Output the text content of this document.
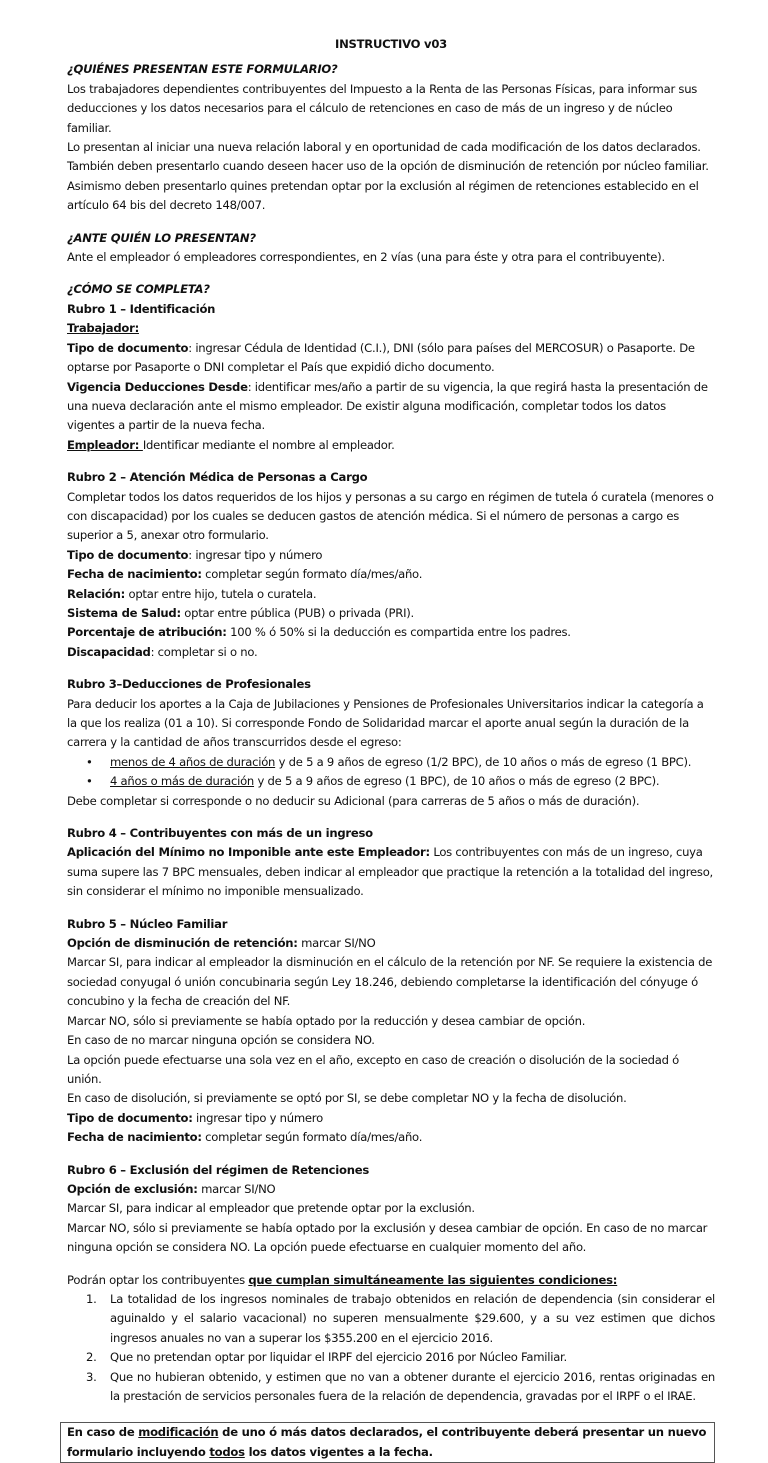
INSTRUCTIVO v03
¿QUIÉNES PRESENTAN ESTE FORMULARIO?
Los trabajadores dependientes contribuyentes del Impuesto a la Renta de las Personas Físicas, para informar sus deducciones y los datos necesarios para el cálculo de retenciones en caso de más de un ingreso y de núcleo familiar.
Lo presentan al iniciar una nueva relación laboral y en oportunidad de cada modificación de los datos declarados.
También deben presentarlo cuando deseen hacer uso de la opción de disminución de retención por núcleo familiar.
Asimismo deben presentarlo quines pretendan optar por la exclusión al régimen de retenciones establecido en el artículo 64 bis del decreto 148/007.
¿ANTE QUIÉN LO PRESENTAN?
Ante el empleador ó empleadores correspondientes, en 2 vías (una para éste y otra para el contribuyente).
¿CÓMO SE COMPLETA?
Rubro 1 – Identificación
Trabajador:
Tipo de documento: ingresar Cédula de Identidad (C.I.), DNI (sólo para países del MERCOSUR) o Pasaporte. De optarse por Pasaporte o DNI completar el País que expidió dicho documento.
Vigencia Deducciones Desde: identificar mes/año a partir de su vigencia, la que regirá hasta la presentación de una nueva declaración ante el mismo empleador. De existir alguna modificación, completar todos los datos vigentes a partir de la nueva fecha.
Empleador: Identificar mediante el nombre al empleador.
Rubro 2 – Atención Médica de Personas a Cargo
Completar todos los datos requeridos de los hijos y personas a su cargo en régimen de tutela ó curatela (menores o con discapacidad) por los cuales se deducen gastos de atención médica. Si el número de personas a cargo es superior a 5, anexar otro formulario.
Tipo de documento: ingresar tipo y número
Fecha de nacimiento: completar según formato día/mes/año.
Relación: optar entre hijo, tutela o curatela.
Sistema de Salud: optar entre pública (PUB) o privada (PRI).
Porcentaje de atribución: 100 % ó 50% si la deducción es compartida entre los padres.
Discapacidad: completar si o no.
Rubro 3–Deducciones de Profesionales
Para deducir los aportes a la Caja de Jubilaciones y Pensiones de Profesionales Universitarios indicar la categoría a la que los realiza (01 a 10). Si corresponde Fondo de Solidaridad marcar el aporte anual según la duración de la carrera y la cantidad de años transcurridos desde el egreso:
• menos de 4 años de duración y de 5 a 9 años de egreso (1/2 BPC), de 10 años o más de egreso (1 BPC).
• 4 años o más de duración y de 5 a 9 años de egreso (1 BPC), de 10 años o más de egreso (2 BPC).
Debe completar si corresponde o no deducir su Adicional (para carreras de 5 años o más de duración).
Rubro 4 – Contribuyentes con más de un ingreso
Aplicación del Mínimo no Imponible ante este Empleador: Los contribuyentes con más de un ingreso, cuya suma supere las 7 BPC mensuales, deben indicar al empleador que practique la retención a la totalidad del ingreso, sin considerar el mínimo no imponible mensualizado.
Rubro 5 – Núcleo Familiar
Opción de disminución de retención: marcar SI/NO
Marcar SI, para indicar al empleador la disminución en el cálculo de la retención por NF. Se requiere la existencia de sociedad conyugal ó unión concubinaria según Ley 18.246, debiendo completarse la identificación del cónyuge ó concubino y la fecha de creación del NF.
Marcar NO, sólo si previamente se había optado por la reducción y desea cambiar de opción.
En caso de no marcar ninguna opción se considera NO.
La opción puede efectuarse una sola vez en el año, excepto en caso de creación o disolución de la sociedad ó unión.
En caso de disolución, si previamente se optó por SI, se debe completar NO y la fecha de disolución.
Tipo de documento: ingresar tipo y número
Fecha de nacimiento: completar según formato día/mes/año.
Rubro 6 – Exclusión del régimen de Retenciones
Opción de exclusión: marcar SI/NO
Marcar SI, para indicar al empleador que pretende optar por la exclusión.
Marcar NO, sólo si previamente se había optado por la exclusión y desea cambiar de opción. En caso de no marcar ninguna opción se considera NO. La opción puede efectuarse en cualquier momento del año.
Podrán optar los contribuyentes que cumplan simultáneamente las siguientes condiciones:
1. La totalidad de los ingresos nominales de trabajo obtenidos en relación de dependencia (sin considerar el aguinaldo y el salario vacacional) no superen mensualmente $29.600, y a su vez estimen que dichos ingresos anuales no van a superar los $355.200 en el ejercicio 2016.
2. Que no pretendan optar por liquidar el IRPF del ejercicio 2016 por Núcleo Familiar.
3. Que no hubieran obtenido, y estimen que no van a obtener durante el ejercicio 2016, rentas originadas en la prestación de servicios personales fuera de la relación de dependencia, gravadas por el IRPF o el IRAE.
En caso de modificación de uno ó más datos declarados, el contribuyente deberá presentar un nuevo formulario incluyendo todos los datos vigentes a la fecha.
